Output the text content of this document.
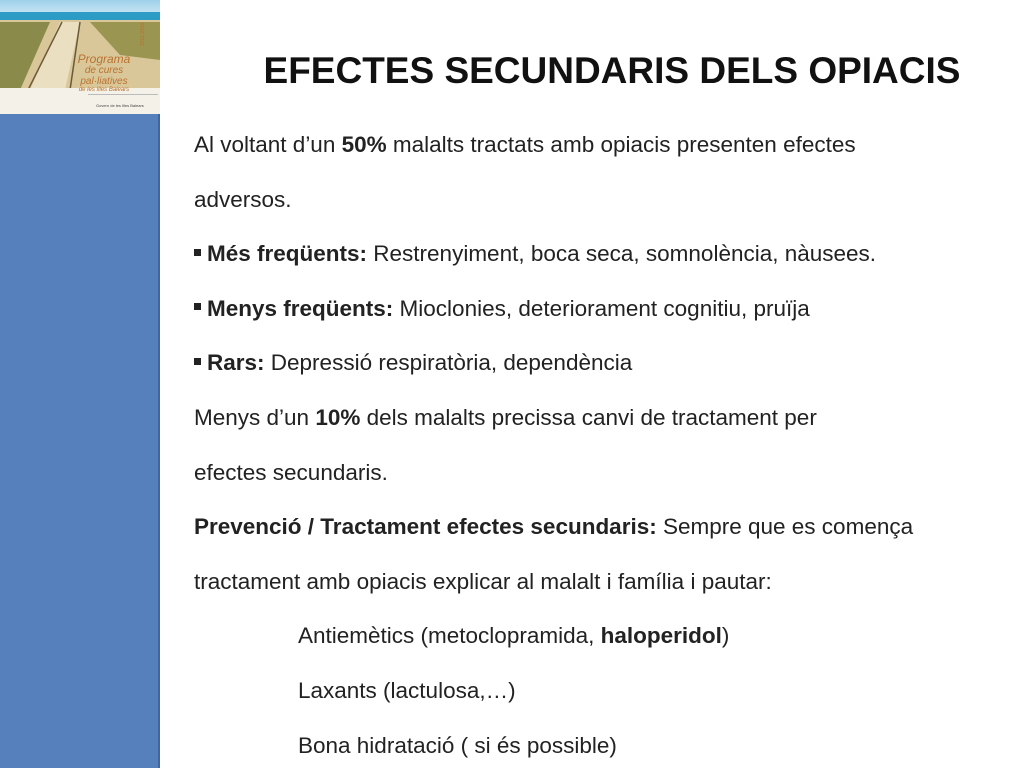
Programa
de cures pal·liatives
de les Illes Balears
2011-2016
Govern de les Illes Balears
EFECTES SECUNDARIS DELS OPIACIS
Al voltant d’un 50% malalts tractats amb opiacis presenten efectes
adversos.
Més freqüents: Restrenyiment, boca seca, somnolència, nàusees.
Menys freqüents: Mioclonies, deteriorament cognitiu, pruïja
Rars: Depressió respiratòria, dependència
Menys d’un 10% dels malalts precissa canvi de tractament per
efectes secundaris.
Prevenció / Tractament efectes secundaris: Sempre que es comença
tractament amb opiacis explicar al malalt i família i pautar:
Antiemètics (metoclopramida, haloperidol)
Laxants (lactulosa,…)
Bona hidratació ( si és possible)
